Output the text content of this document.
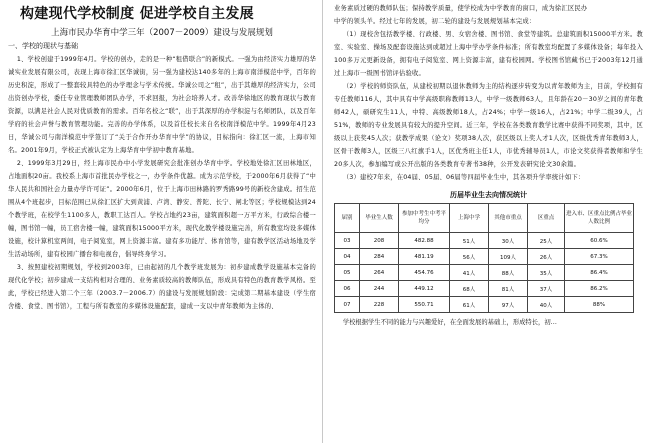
构建现代学校制度 促进学校自主发展
上海市民办华育中学三年（2007－2009）建设与发展规划
一、学校的现状与基础

1、学校创建于1999年4月。学校的创办，走的是一种“租借联合”的新模式。一强为由经济实力雄厚的华诚实业发展有限公司，表现上海市徐汇区华诚街，另一强为建校达140多年的上海市南洋模范中学，百年的历史积淀，形成了一整套较具特色的办学理念与学术传统。华诚公司之“租”，出于其雄厚的经济实力，公司出资创办学校，委任专业管理教师团队办学，不求回报，为社会培养人才。改善华徐地区的教育现状与教育资源，以满足社会人民对优质教育的需求。百年名校之“联”，出于其深厚的办学积淀与名师团队，以及百年学府的社会声誉与教育管理功能。完善的办学体系，以及首任校长来自名校南洋模范中学。1999年4月23日，华诚公司与南洋模范中学签订了“关于合作开办华育中学”的协议，目标指向：徐汇区一流，上海市知名。2001年9月，学校正式被认定为上海华育中学初中教育基地。

2、1999年3月29日，经上海市民办中小学发展研究会批准创办华育中学。学校地处徐汇区田林地区，占地面积20亩。我校系上海市首批民办学校之一，办学条件优越。成为示范学校，于2000年6月获得了“中华人民共和国社会力量办学许可证”。2000年6月，位于上海市田林路的罗秀路99号的新校舍建成。招生范围从4个班起步，目标范围已从徐汇区扩大到黄浦、卢湾、静安、普陀、长宁、闸北等区；学校规模达到24个教学班，在校学生1100多人，教职工达百人。学校占地约23亩，建筑面积超一万平方米，行政综合楼一幢，图书馆一幢，员工宿舍楼一幢，建筑面积15000平方米，现代化教学楼设施完善，所有教室均设多媒体设施，校计算机室两间，电子阅览室，网上资源丰富。建有多功能厅、体育馆等，建有教学区活动场地及学生活动场所，建有校园广播台和电视台，倡导终身学习。

3、按照建校初期规划，学校到2003年，已由起初的几个教学班发展为：初步建成教学设施基本完备的现代化学校；初步建成一支结构相对合理的、业务素质较高的教师队伍，形成具有特色的教育教学风格。至此，学校已经进入第二个三年（2003.7－2006.7）的建设与发展规划阶段：完成第二期基本建设（学生宿舍楼、食堂、图书馆），工程与所有教室的多媒体设施配套，建成一支以中青年教师为主体的、

业务素质过硬的教师队伍；保持教学质量，使学校成为中学教育的窗口，成为徐汇区民办
中学的领头羊。经过七年的发展，初二轮的建设与发展规划基本完成：

（1）现校舍包括教学楼、行政楼、男、女宿舍楼、图书馆、食堂等建筑。总建筑面积15000平方米。教室、实验室、操场及配套设施达到或超过上海中学办学条件标准；所有教室均配置了多媒体设备；每年投入100多万元更新设备，拥有电子阅览室、网上资源丰富，建有校园网。学校图书馆藏书已于2003年12月通过上海市一级图书馆评估验收。

（2）学校的师资队伍，从建校初期以退休教师为主的结构逐步转变为以青年教师为主，目前，学校拥有专任教师116人，其中具有中学高级职称教师13人，中学一级教师63人，且年龄在20－30岁之间的青年教师42人，硕研究生11人，中特、高级教师18人，占24%；中学一级16人，占21%；中学二级39人，占51%，教师的专业发展具有较大的提升空间。近三年，学校在各类教育教学比赛中获得不同奖项，其中，区级以上获奖45人次；获教学成果（论文）奖项38人次，获区级以上奖人才1人次，区级优秀青年教师3人，区骨干教师3人，区级三八红旗手1人，区优秀班主任1人，市优秀辅导员1人，市论文奖获得者教师和学生20多人次，参加编写或公开出版的各类教育专著书38种，公开发表研究论文30余篇。

（3）建校7年来，在04届、05届、06届等四届毕业生中，其各项升学率统计如下：

历届毕业生去向情况统计
届别	毕业生人数	参加中考生中考平均分	上海中学	其他市重点	区重点	进入市、区重点比例占毕业人数比例
03	208	482.88	51人	30人	25人	60.6%
04	284	481.19	56人	109人	26人	67.3%
05	264	454.76	41人	88人	35人	86.4%
06	244	449.12	68人	81人	37人	86.2%
07	228	550.71	61人	97人	40人	88%
学校根据学生不同的能力与兴趣爱好，在全面发展的基础上，形成特长，初…
